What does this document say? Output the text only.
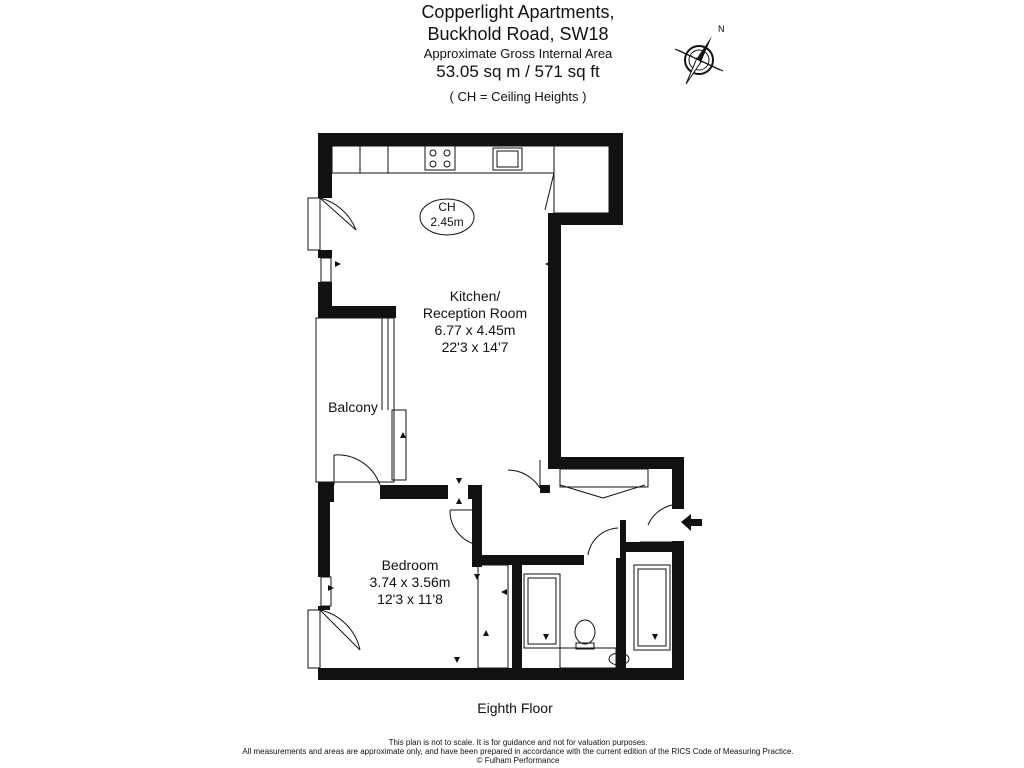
Copperlight Apartments,
Buckhold Road, SW18
Approximate Gross Internal Area
53.05 sq m / 571 sq ft
( CH = Ceiling Heights )
N
Kitchen/
Reception Room
6.77 x 4.45m
22'3 x 14'7
Bedroom
3.74 x 3.56m
12'3 x 11'8
Balcony
CH
2.45m
Eighth Floor
This plan is not to scale. It is for guidance and not for valuation purposes.
All measurements and areas are approximate only, and have been prepared in accordance with the current edition of the RICS Code of Measuring Practice.
© Fulham Performance
